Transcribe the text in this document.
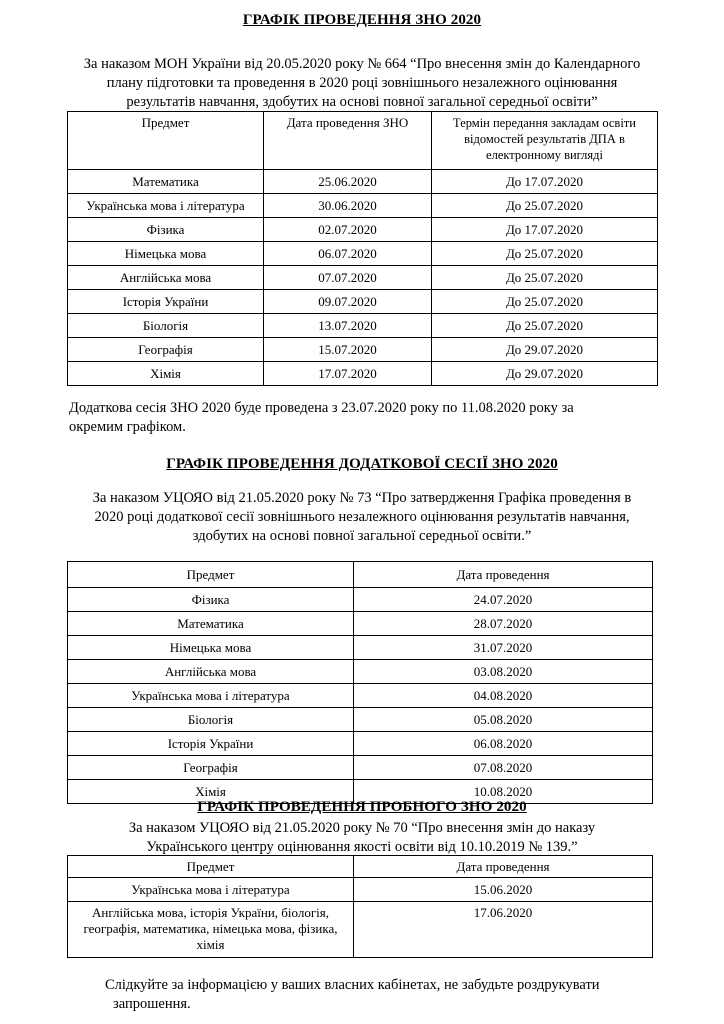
ГРАФІК ПРОВЕДЕННЯ ЗНО 2020
За наказом МОН України від 20.05.2020 року № 664 “Про внесення змін до Календарного
плану підготовки та проведення в 2020 році зовнішнього незалежного оцінювання
результатів навчання, здобутих на основі повної загальної середньої освіти”
Предмет	Дата проведення ЗНО	Термін передання закладам освіти відомостей результатів ДПА в електронному вигляді
Математика	25.06.2020	До 17.07.2020
Українська мова і література	30.06.2020	До 25.07.2020
Фізика	02.07.2020	До 17.07.2020
Німецька мова	06.07.2020	До 25.07.2020
Англійська мова	07.07.2020	До 25.07.2020
Історія України	09.07.2020	До 25.07.2020
Біологія	13.07.2020	До 25.07.2020
Географія	15.07.2020	До 29.07.2020
Хімія	17.07.2020	До 29.07.2020
Додаткова сесія ЗНО 2020 буде проведена з 23.07.2020 року по 11.08.2020 року за
окремим графіком.
ГРАФІК ПРОВЕДЕННЯ ДОДАТКОВОЇ СЕСІЇ ЗНО 2020
За наказом УЦОЯО від 21.05.2020 року № 73 “Про затвердження Графіка проведення в
2020 році додаткової сесії зовнішнього незалежного оцінювання результатів навчання,
здобутих на основі повної загальної середньої освіти.”
Предмет	Дата проведення
Фізика	24.07.2020
Математика	28.07.2020
Німецька мова	31.07.2020
Англійська мова	03.08.2020
Українська мова і література	04.08.2020
Біологія	05.08.2020
Історія України	06.08.2020
Географія	07.08.2020
Хімія	10.08.2020
ГРАФІК ПРОВЕДЕННЯ ПРОБНОГО ЗНО 2020
За наказом УЦОЯО від 21.05.2020 року № 70 “Про внесення змін до наказу
Українського центру оцінювання якості освіти від 10.10.2019 № 139.”
Предмет	Дата проведення
Українська мова і література	15.06.2020
Англійська мова, історія України, біологія, географія, математика, німецька мова, фізика, хімія	17.06.2020
Слідкуйте за інформацією у ваших власних кабінетах, не забудьте роздрукувати
запрошення.
